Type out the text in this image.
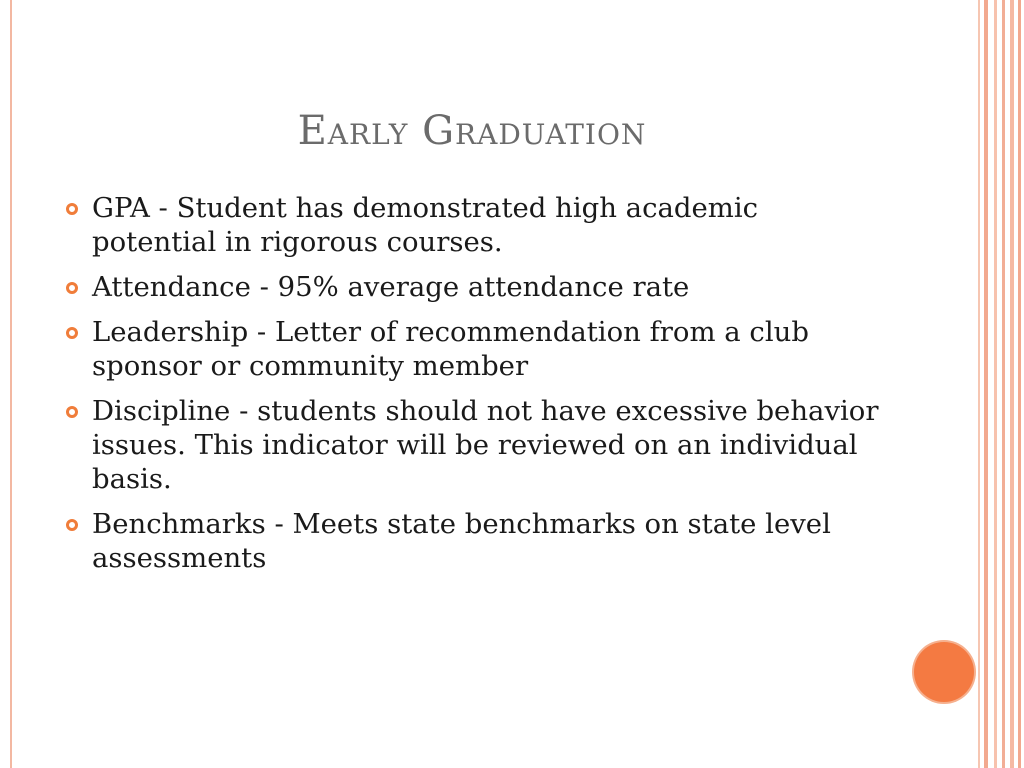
Early Graduation
GPA - Student has demonstrated high academic potential in rigorous courses.
Attendance - 95% average attendance rate
Leadership - Letter of recommendation from a club sponsor or community member
Discipline - students should not have excessive behavior issues. This indicator will be reviewed on an individual basis.
Benchmarks - Meets state benchmarks on state level assessments
